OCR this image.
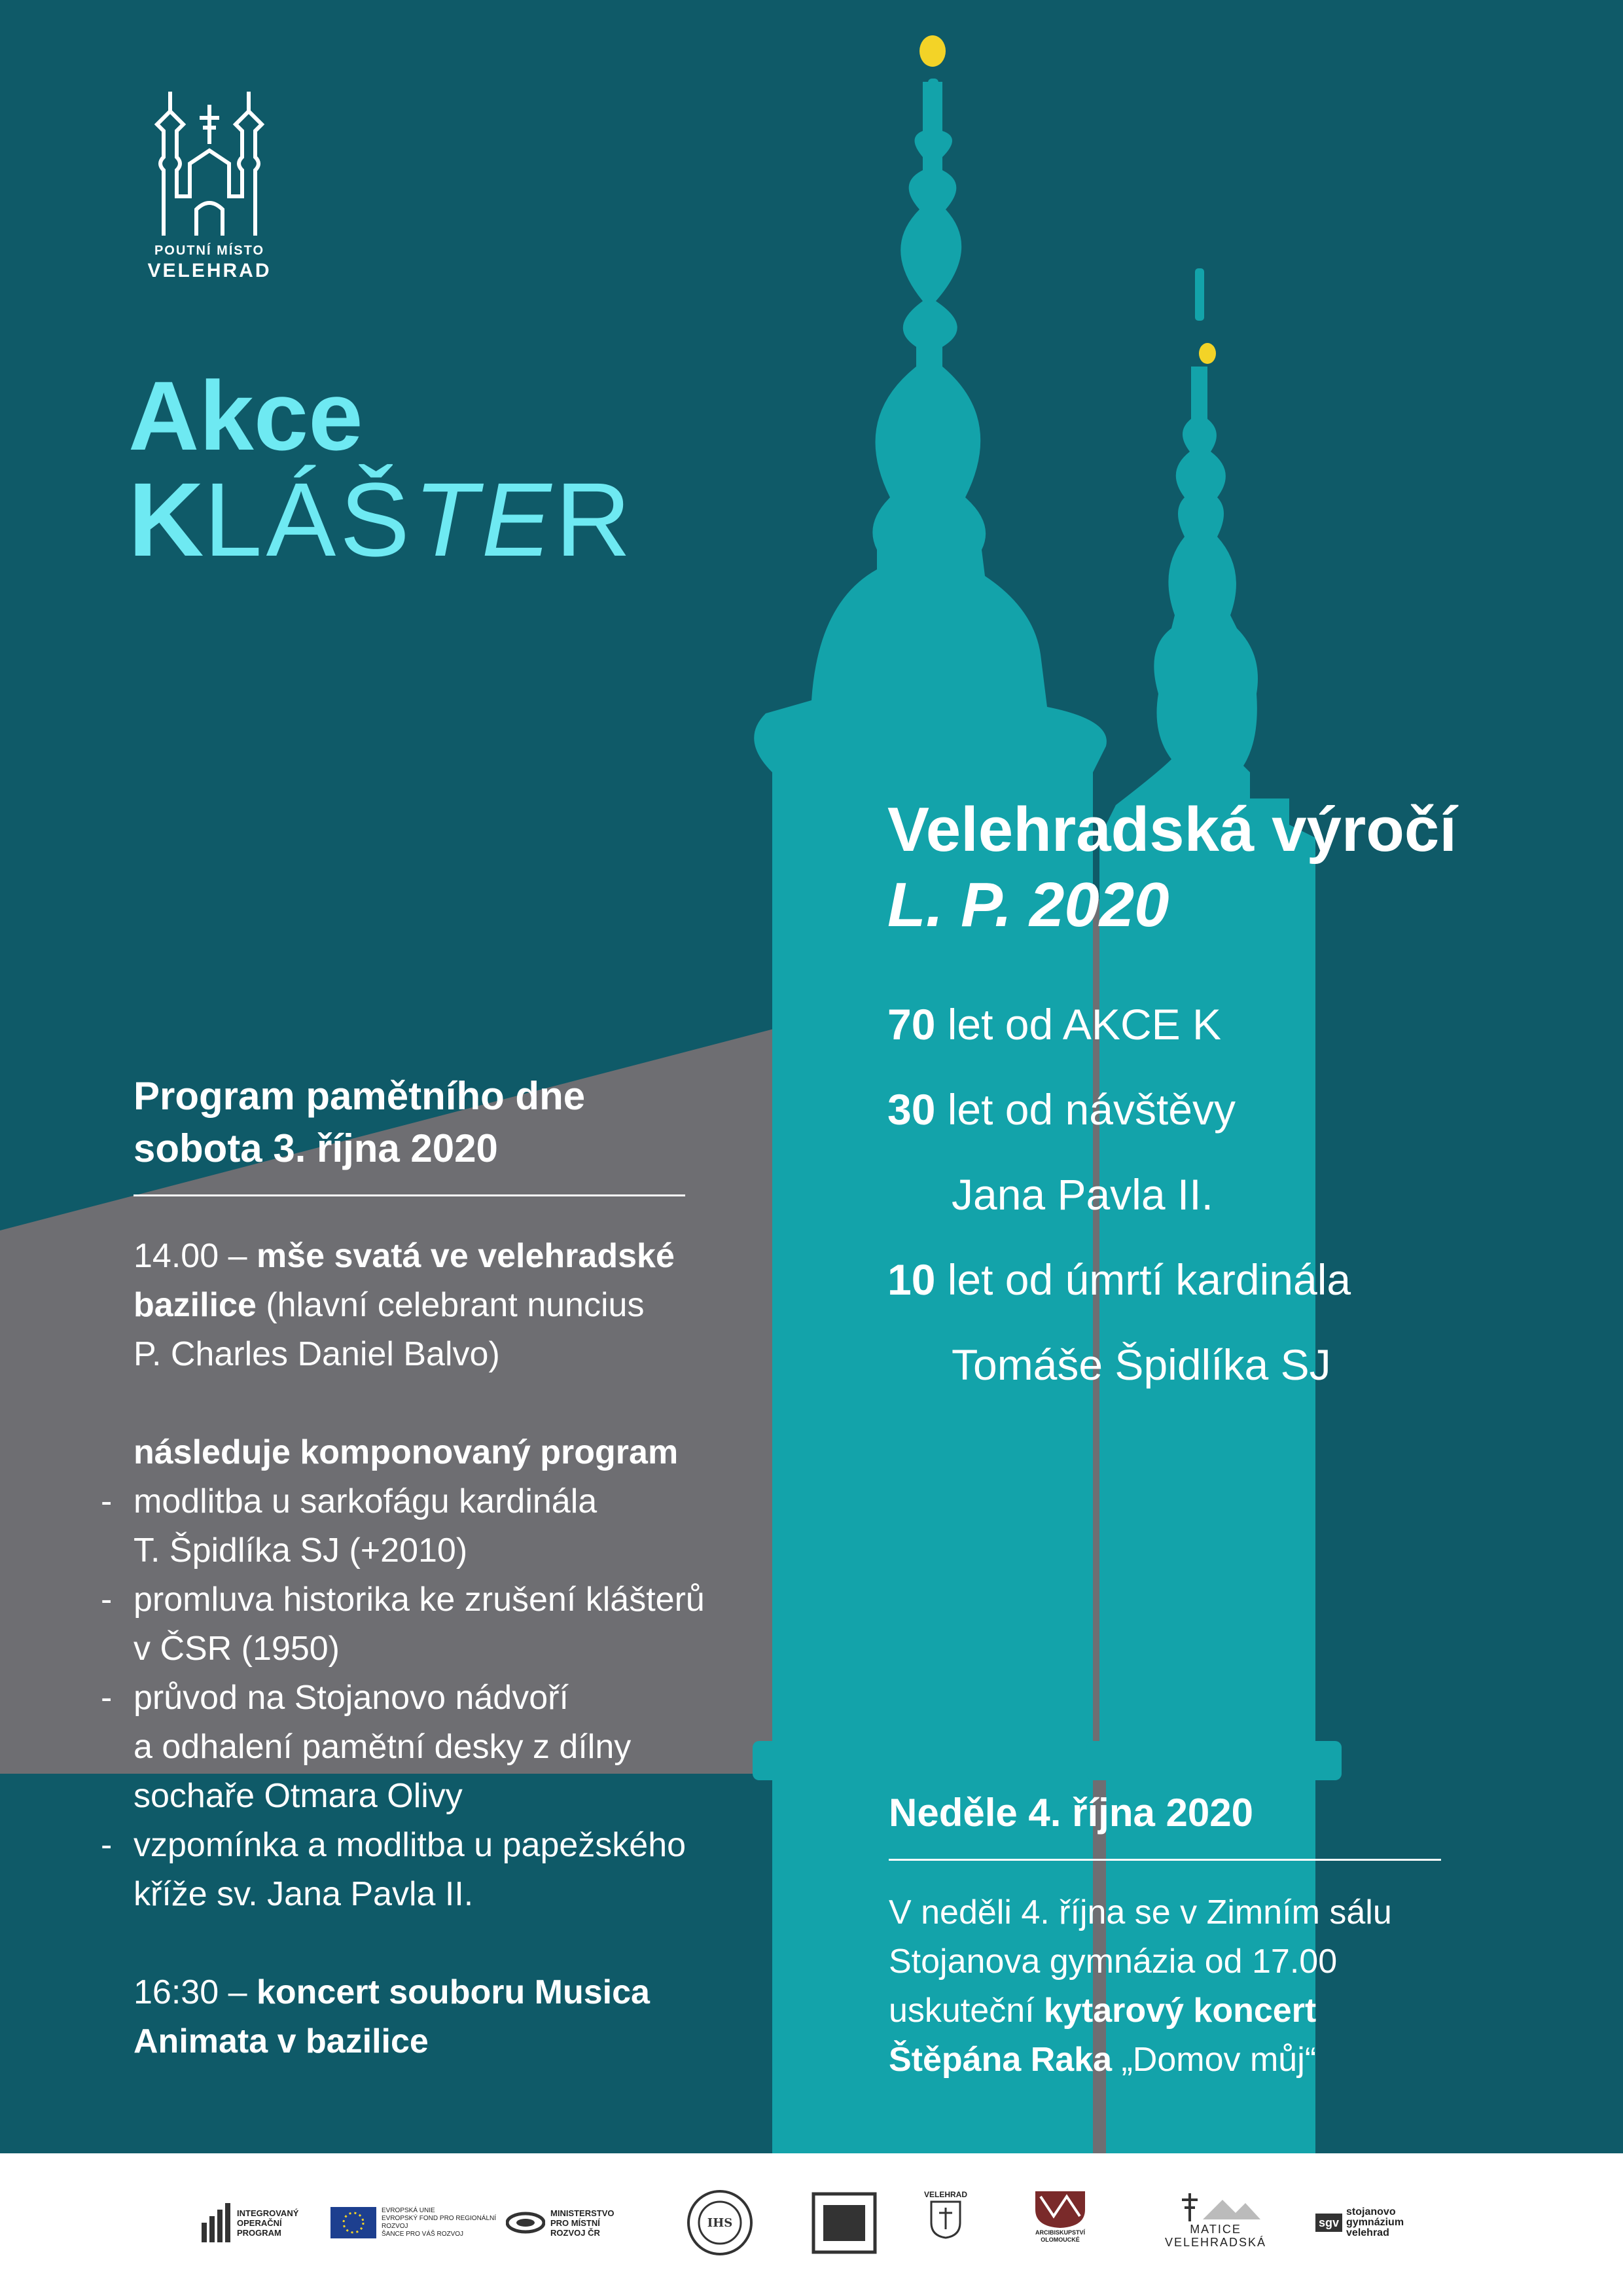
POUTNÍ MÍSTO
VELEHRAD
Akce
KLÁŠTER
Velehradská výročí
L. P. 2020
70 let od AKCE K
30 let od návštěvy
Jana Pavla II.
10 let od úmrtí kardinála
Tomáše Špidlíka SJ
Program pamětního dne
sobota 3. října 2020

14.00 – mše svatá ve velehradské

bazilice (hlavní celebrant nuncius

P. Charles Daniel Balvo)

následuje komponovaný program

- modlitba u sarkofágu kardinála

T. Špidlíka SJ (+2010)

- promluva historika ke zrušení klášterů

v ČSR (1950)

- průvod na Stojanovo nádvoří

a odhalení pamětní desky z dílny

sochaře Otmara Olivy

- vzpomínka a modlitba u papežského

kříže sv. Jana Pavla II.

16:30 – koncert souboru Musica

Animata v bazilice

Neděle 4. října 2020
V neděli 4. října se v Zimním sálu
Stojanova gymnázia od 17.00
uskuteční kytarový koncert
Štěpána Raka „Domov můj“
INTEGROVANÝ
OPERAČNÍ
PROGRAM
EVROPSKÁ UNIE
EVROPSKÝ FOND PRO REGIONÁLNÍ
ROZVOJ
ŠANCE PRO VÁŠ ROZVOJ
MINISTERSTVO
PRO MÍSTNÍ
ROZVOJ ČR
IHS
VELEHRAD
ARCIBISKUPSTVÍ
OLOMOUCKÉ
MATICE
VELEHRADSKÁ
sgv
stojanovo
gymnázium
velehrad
